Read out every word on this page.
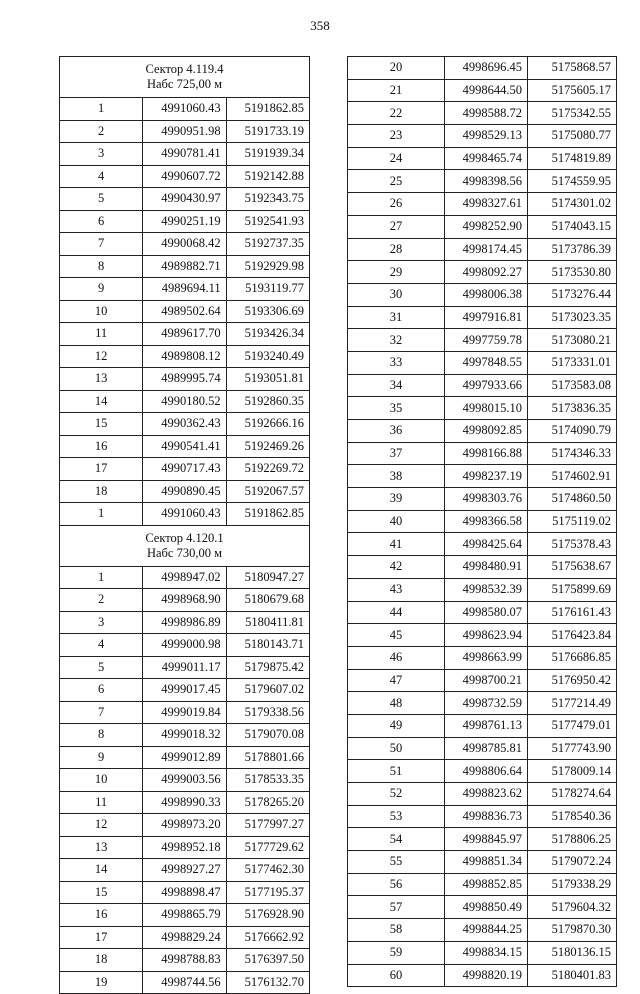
358
Сектор 4.119.4
Набс 725,00 м		

1	4991060.43	5191862.85
2	4990951.98	5191733.19
3	4990781.41	5191939.34
4	4990607.72	5192142.88
5	4990430.97	5192343.75
6	4990251.19	5192541.93
7	4990068.42	5192737.35
8	4989882.71	5192929.98
9	4989694.11	5193119.77
10	4989502.64	5193306.69
11	4989617.70	5193426.34
12	4989808.12	5193240.49
13	4989995.74	5193051.81
14	4990180.52	5192860.35
15	4990362.43	5192666.16
16	4990541.41	5192469.26
17	4990717.43	5192269.72
18	4990890.45	5192067.57
1	4991060.43	5191862.85

Сектор 4.120.1
Набс 730,00 м		

1	4998947.02	5180947.27
2	4998968.90	5180679.68
3	4998986.89	5180411.81
4	4999000.98	5180143.71
5	4999011.17	5179875.42
6	4999017.45	5179607.02
7	4999019.84	5179338.56
8	4999018.32	5179070.08
9	4999012.89	5178801.66
10	4999003.56	5178533.35
11	4998990.33	5178265.20
12	4998973.20	5177997.27
13	4998952.18	5177729.62
14	4998927.27	5177462.30
15	4998898.47	5177195.37
16	4998865.79	5176928.90
17	4998829.24	5176662.92
18	4998788.83	5176397.50
19	4998744.56	5176132.70
20	4998696.45	5175868.57
21	4998644.50	5175605.17
22	4998588.72	5175342.55
23	4998529.13	5175080.77
24	4998465.74	5174819.89
25	4998398.56	5174559.95
26	4998327.61	5174301.02
27	4998252.90	5174043.15
28	4998174.45	5173786.39
29	4998092.27	5173530.80
30	4998006.38	5173276.44
31	4997916.81	5173023.35
32	4997759.78	5173080.21
33	4997848.55	5173331.01
34	4997933.66	5173583.08
35	4998015.10	5173836.35
36	4998092.85	5174090.79
37	4998166.88	5174346.33
38	4998237.19	5174602.91
39	4998303.76	5174860.50
40	4998366.58	5175119.02
41	4998425.64	5175378.43
42	4998480.91	5175638.67
43	4998532.39	5175899.69
44	4998580.07	5176161.43
45	4998623.94	5176423.84
46	4998663.99	5176686.85
47	4998700.21	5176950.42
48	4998732.59	5177214.49
49	4998761.13	5177479.01
50	4998785.81	5177743.90
51	4998806.64	5178009.14
52	4998823.62	5178274.64
53	4998836.73	5178540.36
54	4998845.97	5178806.25
55	4998851.34	5179072.24
56	4998852.85	5179338.29
57	4998850.49	5179604.32
58	4998844.25	5179870.30
59	4998834.15	5180136.15
60	4998820.19	5180401.83
